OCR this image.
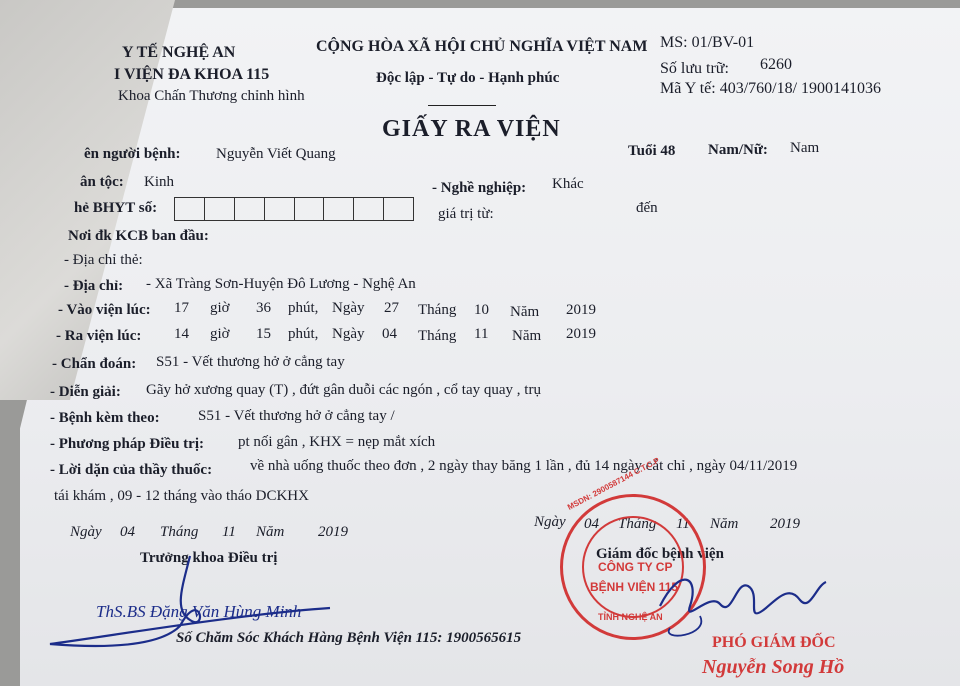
Y TẾ NGHỆ AN
I VIỆN ĐA KHOA 115
Khoa Chấn Thương chỉnh hình
CỘNG HÒA XÃ HỘI CHỦ NGHĨA VIỆT NAM
Độc lập - Tự do - Hạnh phúc
MS: 01/BV-01
Số lưu trữ: 6260
Mã Y tế: 403/760/18/ 1900141036
GIẤY RA VIỆN
ên người bệnh: Nguyễn Viết Quang	Tuổi 48 Nam/Nữ: Nam
ân tộc: Kinh	- Nghề nghiệp: Khác
hẻ BHYT số:	giá trị từ:	đến
Nơi đk KCB ban đầu:
- Địa chỉ thẻ:
- Địa chỉ: - Xã Tràng Sơn-Huyện Đô Lương - Nghệ An
- Vào viện lúc: 17 giờ 36 phút, Ngày 27 Tháng 10 Năm 2019
- Ra viện lúc: 14 giờ 15 phút, Ngày 04 Tháng 11 Năm 2019
- Chẩn đoán: S51 - Vết thương hở ở cẳng tay
- Diễn giải: Gãy hở xương quay (T) , đứt gân duỗi các ngón , cổ tay quay , trụ
- Bệnh kèm theo:	S51 - Vết thương hở ở cẳng tay /
- Phương pháp Điều trị: pt nối gân , KHX = nẹp mắt xích
- Lời dặn của thầy thuốc:	về nhà uống thuốc theo đơn , 2 ngày thay băng 1 lần , đủ 14 ngày cắt chỉ , ngày 04/11/2019
tái khám , 09 - 12 tháng vào tháo DCKHX
Ngày 04 Tháng 11 Năm 2019
Trưởng khoa Điều trị
ThS.BS Đặng Văn Hùng Minh
Ngày 04 Tháng 11 Năm 2019
Giám đốc bệnh viện
MSDN: 2900587144 C.T.C.P
CÔNG TY CP
BỆNH VIỆN 115
TỈNH NGHỆ AN
PHÓ GIÁM ĐỐC
Nguyễn Song Hồ
Số Chăm Sóc Khách Hàng Bệnh Viện 115: 1900565615
